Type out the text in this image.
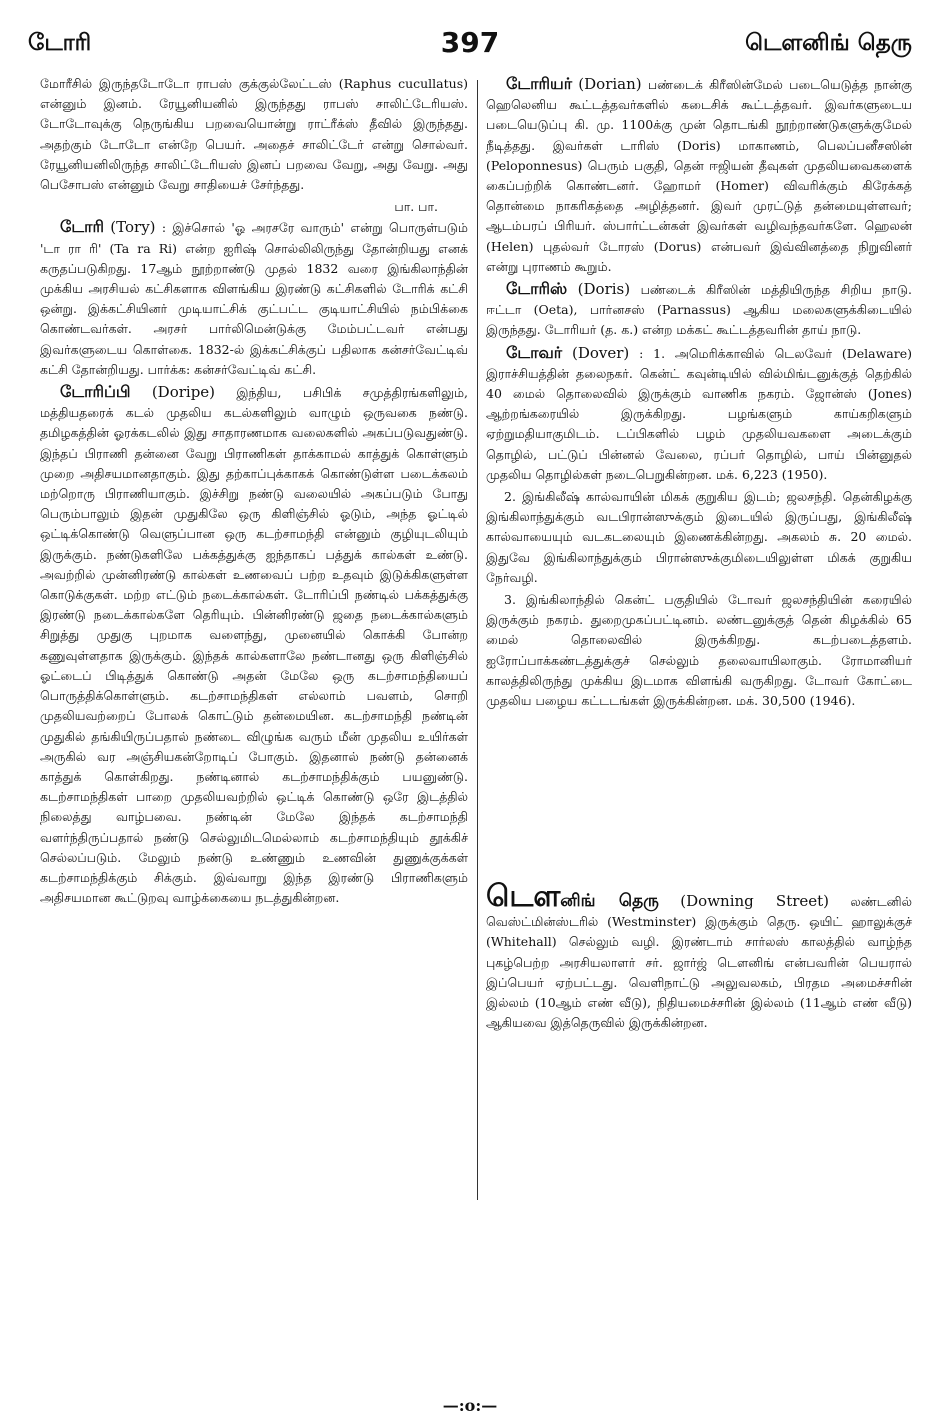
டோரி	397	டௌனிங் தெரு

மோரீசில் இருந்தடோடோ ராபஸ் குக்குல்லேட்டஸ் (Raphus cucullatus) என்னும் இனம். ரேயூனியனில் இருந்தது ராபஸ் சாலிட்டேரியஸ். டோடோவுக்கு நெருங்கிய பறவையொன்று ராட்ரீக்ஸ் தீவில் இருந்தது. அதற்கும் டோடோ என்றே பெயர். அதைச் சாலிட்டேர் என்று சொல்வர். ரேயூனியனிலிருந்த சாலிட்டேரியஸ் இனப் பறவை வேறு, அது வேறு. அது பெசோபஸ் என்னும் வேறு சாதியைச் சேர்ந்தது.

பா. பா.

டோரி (Tory) : இச்சொல் 'ஓ அரசரே வாரும்' என்று பொருள்படும் 'டா ரா ரி' (Ta ra Ri) என்ற ஐரிஷ் சொல்லிலிருந்து தோன்றியது எனக் கருதப்படுகிறது. 17ஆம் நூற்றாண்டு முதல் 1832 வரை இங்கிலாந்தின் முக்கிய அரசியல் கட்சிகளாக விளங்கிய இரண்டு கட்சிகளில் டோரிக் கட்சி ஒன்று. இக்கட்சியினர் முடியாட்சிக் குட்பட்ட குடியாட்சியில் நம்பிக்கை கொண்டவர்கள். அரசர் பார்லிமென்டுக்கு மேம்பட்டவர் என்பது இவர்களுடைய கொள்கை. 1832-ல் இக்கட்சிக்குப் பதிலாக கன்சர்வேட்டிவ் கட்சி தோன்றியது. பார்க்க: கன்சர்வேட்டிவ் கட்சி.

டோரிப்பி (Doripe) இந்திய, பசிபிக் சமுத்திரங்களிலும், மத்தியதரைக் கடல் முதலிய கடல்களிலும் வாழும் ஒருவகை நண்டு. தமிழகத்தின் ஓரக்கடலில் இது சாதாரணமாக வலைகளில் அகப்படுவதுண்டு. இந்தப் பிராணி தன்னை வேறு பிராணிகள் தாக்காமல் காத்துக் கொள்ளும் முறை அதிசயமானதாகும். இது தற்காப்புக்காகக் கொண்டுள்ள படைக்கலம் மற்றொரு பிராணியாகும். இச்சிறு நண்டு வலையில் அகப்படும் போது பெரும்பாலும் இதன் முதுகிலே ஒரு கிளிஞ்சில் ஓடும், அந்த ஓட்டில் ஒட்டிக்கொண்டு வெளுப்பான ஒரு கடற்சாமந்தி என்னும் குழியுடலியும் இருக்கும். நண்டுகளிலே பக்கத்துக்கு ஐந்தாகப் பத்துக் கால்கள் உண்டு. அவற்றில் முன்னிரண்டு கால்கள் உணவைப் பற்ற உதவும் இடுக்கிகளுள்ள கொடுக்குகள். மற்ற எட்டும் நடைக்கால்கள். டோரிப்பி நண்டில் பக்கத்துக்கு இரண்டு நடைக்கால்களே தெரியும். பின்னிரண்டு ஜதை நடைக்கால்களும் சிறுத்து முதுகு புறமாக வளைந்து, முனையில் கொக்கி போன்ற கணுவுள்ளதாக இருக்கும். இந்தக் கால்களாலே நண்டானது ஒரு கிளிஞ்சில் ஓட்டைப் பிடித்துக் கொண்டு அதன் மேலே ஒரு கடற்சாமந்தியைப் பொருத்திக்கொள்ளும். கடற்சாமந்திகள் எல்லாம் பவளம், சொறி முதலியவற்றைப் போலக் கொட்டும் தன்மையின. கடற்சாமந்தி நண்டின் முதுகில் தங்கியிருப்பதால் நண்டை விழுங்க வரும் மீன் முதலிய உயிர்கள் அருகில் வர அஞ்சியகன்றோடிப் போகும். இதனால் நண்டு தன்னைக் காத்துக் கொள்கிறது. நண்டினால் கடற்சாமந்திக்கும் பயனுண்டு. கடற்சாமந்திகள் பாறை முதலியவற்றில் ஒட்டிக் கொண்டு ஒரே இடத்தில் நிலைத்து வாழ்பவை. நண்டின் மேலே இந்தக் கடற்சாமந்தி வளர்ந்திருப்பதால் நண்டு செல்லுமிடமெல்லாம் கடற்சாமந்தியும் தூக்கிச் செல்லப்படும். மேலும் நண்டு உண்ணும் உணவின் துணுக்குக்கள் கடற்சாமந்திக்கும் சிக்கும். இவ்வாறு இந்த இரண்டு பிராணிகளும் அதிசயமான கூட்டுறவு வாழ்க்கையை நடத்துகின்றன.

டோரியர் (Dorian) பண்டைக் கிரீஸின்மேல் படையெடுத்த நான்கு ஹெலெனிய கூட்டத்தவர்களில் கடைசிக் கூட்டத்தவர். இவர்களுடைய படையெடுப்பு கி. மு. 1100க்கு முன் தொடங்கி நூற்றாண்டுகளுக்குமேல் நீடித்தது. இவர்கள் டாரிஸ் (Doris) மாகாணம், பெலப்பனீசஸின் (Peloponnesus) பெரும் பகுதி, தென் ஈஜியன் தீவுகள் முதலியவைகளைக் கைப்பற்றிக் கொண்டனர். ஹோமர் (Homer) விவரிக்கும் கிரேக்கத் தொன்மை நாகரிகத்தை அழித்தனர். இவர் முரட்டுத் தன்மையுள்ளவர்; ஆடம்பரப் பிரியர். ஸ்பார்ட்டன்கள் இவர்கள் வழிவந்தவர்களே. ஹெலன் (Helen) புதல்வர் டோரஸ் (Dorus) என்பவர் இவ்வினத்தை நிறுவினர் என்று புராணம் கூறும்.

டோரிஸ் (Doris) பண்டைக் கிரீஸின் மத்தியிருந்த சிறிய நாடு. ஈட்டா (Oeta), பார்னசஸ் (Parnassus) ஆகிய மலைகளுக்கிடையில் இருந்தது. டோரியர் (த. க.) என்ற மக்கட் கூட்டத்தவரின் தாய் நாடு.

டோவர் (Dover) : 1. அமெரிக்காவில் டெலவேர் (Delaware) இராச்சியத்தின் தலைநகர். கென்ட் கவுன்டியில் வில்மிங்டனுக்குத் தெற்கில் 40 மைல் தொலைவில் இருக்கும் வாணிக நகரம். ஜோன்ஸ் (Jones) ஆற்றங்கரையில் இருக்கிறது. பழங்களும் காய்கறிகளும் ஏற்றுமதியாகுமிடம். டப்பிகளில் பழம் முதலியவகளை அடைக்கும் தொழில், பட்டுப் பின்னல் வேலை, ரப்பர் தொழில், பாய் பின்னுதல் முதலிய தொழில்கள் நடைபெறுகின்றன. மக். 6,223 (1950).

2. இங்கிலீஷ் கால்வாயின் மிகக் குறுகிய இடம்; ஜலசந்தி. தென்கிழக்கு இங்கிலாந்துக்கும் வடபிரான்ஸுக்கும் இடையில் இருப்பது, இங்கிலீஷ் கால்வாயையும் வடகடலையும் இணைக்கின்றது. அகலம் சு. 20 மைல். இதுவே இங்கிலாந்துக்கும் பிரான்ஸுக்குமிடையிலுள்ள மிகக் குறுகிய நேர்வழி.

3. இங்கிலாந்தில் கென்ட் பகுதியில் டோவர் ஜலசந்தியின் கரையில் இருக்கும் நகரம். துறைமுகப்பட்டினம். லண்டனுக்குத் தென் கிழக்கில் 65 மைல் தொலைவில் இருக்கிறது. கடற்படைத்தளம். ஐரோப்பாக்கண்டத்துக்குச் செல்லும் தலைவாயிலாகும். ரோமானியர் காலத்திலிருந்து முக்கிய இடமாக விளங்கி வருகிறது. டோவர் கோட்டை முதலிய பழைய கட்டடங்கள் இருக்கின்றன. மக். 30,500 (1946).

டௌனிங் தெரு (Downing Street) லண்டனில் வெஸ்ட்மின்ஸ்டரில் (Westminster) இருக்கும் தெரு. ஒயிட் ஹாலுக்குச் (Whitehall) செல்லும் வழி. இரண்டாம் சார்லஸ் காலத்தில் வாழ்ந்த புகழ்பெற்ற அரசியலாளர் சர். ஜார்ஜ் டௌனிங் என்பவரின் பெயரால் இப்பெயர் ஏற்பட்டது. வெளிநாட்டு அலுவலகம், பிரதம அமைச்சரின் இல்லம் (10ஆம் எண் வீடு), நிதியமைச்சரின் இல்லம் (11ஆம் எண் வீடு) ஆகியவை இத்தெருவில் இருக்கின்றன.
—:o:—
